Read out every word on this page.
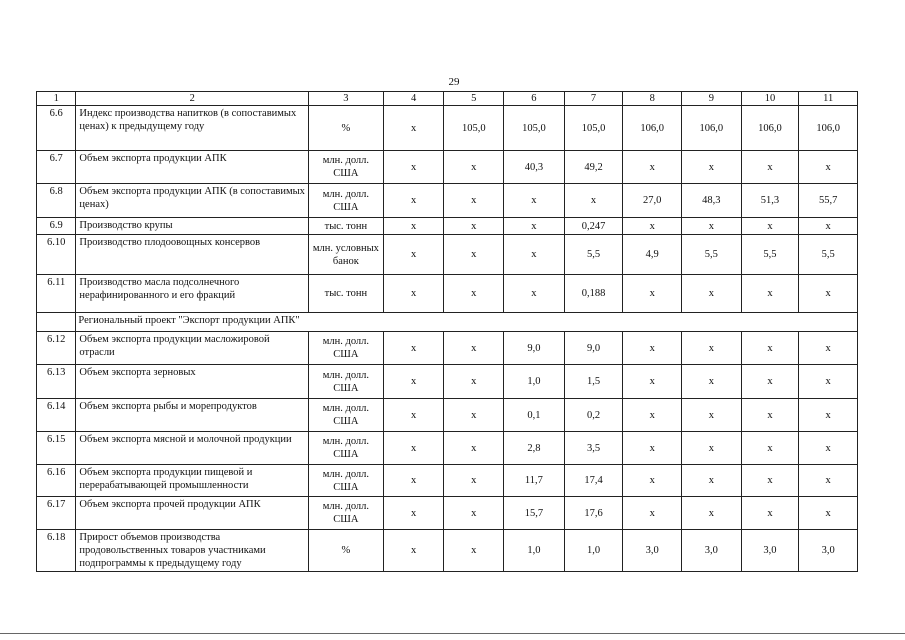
29
1	2	3	4	5	6	7	8	9	10	11
6.6	Индекс производства напитков (в сопоставимых ценах) к предыдущему году	%	x	105,0	105,0	105,0	106,0	106,0	106,0	106,0
6.7	Объем экспорта продукции АПК	млн. долл. США	x	x	40,3	49,2	x	x	x	x
6.8	Объем экспорта продукции АПК (в сопоставимых ценах)	млн. долл. США	x	x	x	x	27,0	48,3	51,3	55,7
6.9	Производство крупы	тыс. тонн	x	x	x	0,247	x	x	x	x
6.10	Производство плодоовощных консервов	млн. условных банок	x	x	x	5,5	4,9	5,5	5,5	5,5
6.11	Производство масла подсолнечного нерафинированного и его фракций	тыс. тонн	x	x	x	0,188	x	x	x	x
	Региональный проект "Экспорт продукции АПК"									
6.12	Объем экспорта продукции масложировой отрасли	млн. долл. США	x	x	9,0	9,0	x	x	x	x
6.13	Объем экспорта зерновых	млн. долл. США	x	x	1,0	1,5	x	x	x	x
6.14	Объем экспорта рыбы и морепродуктов	млн. долл. США	x	x	0,1	0,2	x	x	x	x
6.15	Объем экспорта мясной и молочной продукции	млн. долл. США	x	x	2,8	3,5	x	x	x	x
6.16	Объем экспорта продукции пищевой и перерабатывающей промышленности	млн. долл. США	x	x	11,7	17,4	x	x	x	x
6.17	Объем экспорта прочей продукции АПК	млн. долл. США	x	x	15,7	17,6	x	x	x	x
6.18	Прирост объемов производства продовольственных товаров участниками подпрограммы к предыдущему году	%	x	x	1,0	1,0	3,0	3,0	3,0	3,0
